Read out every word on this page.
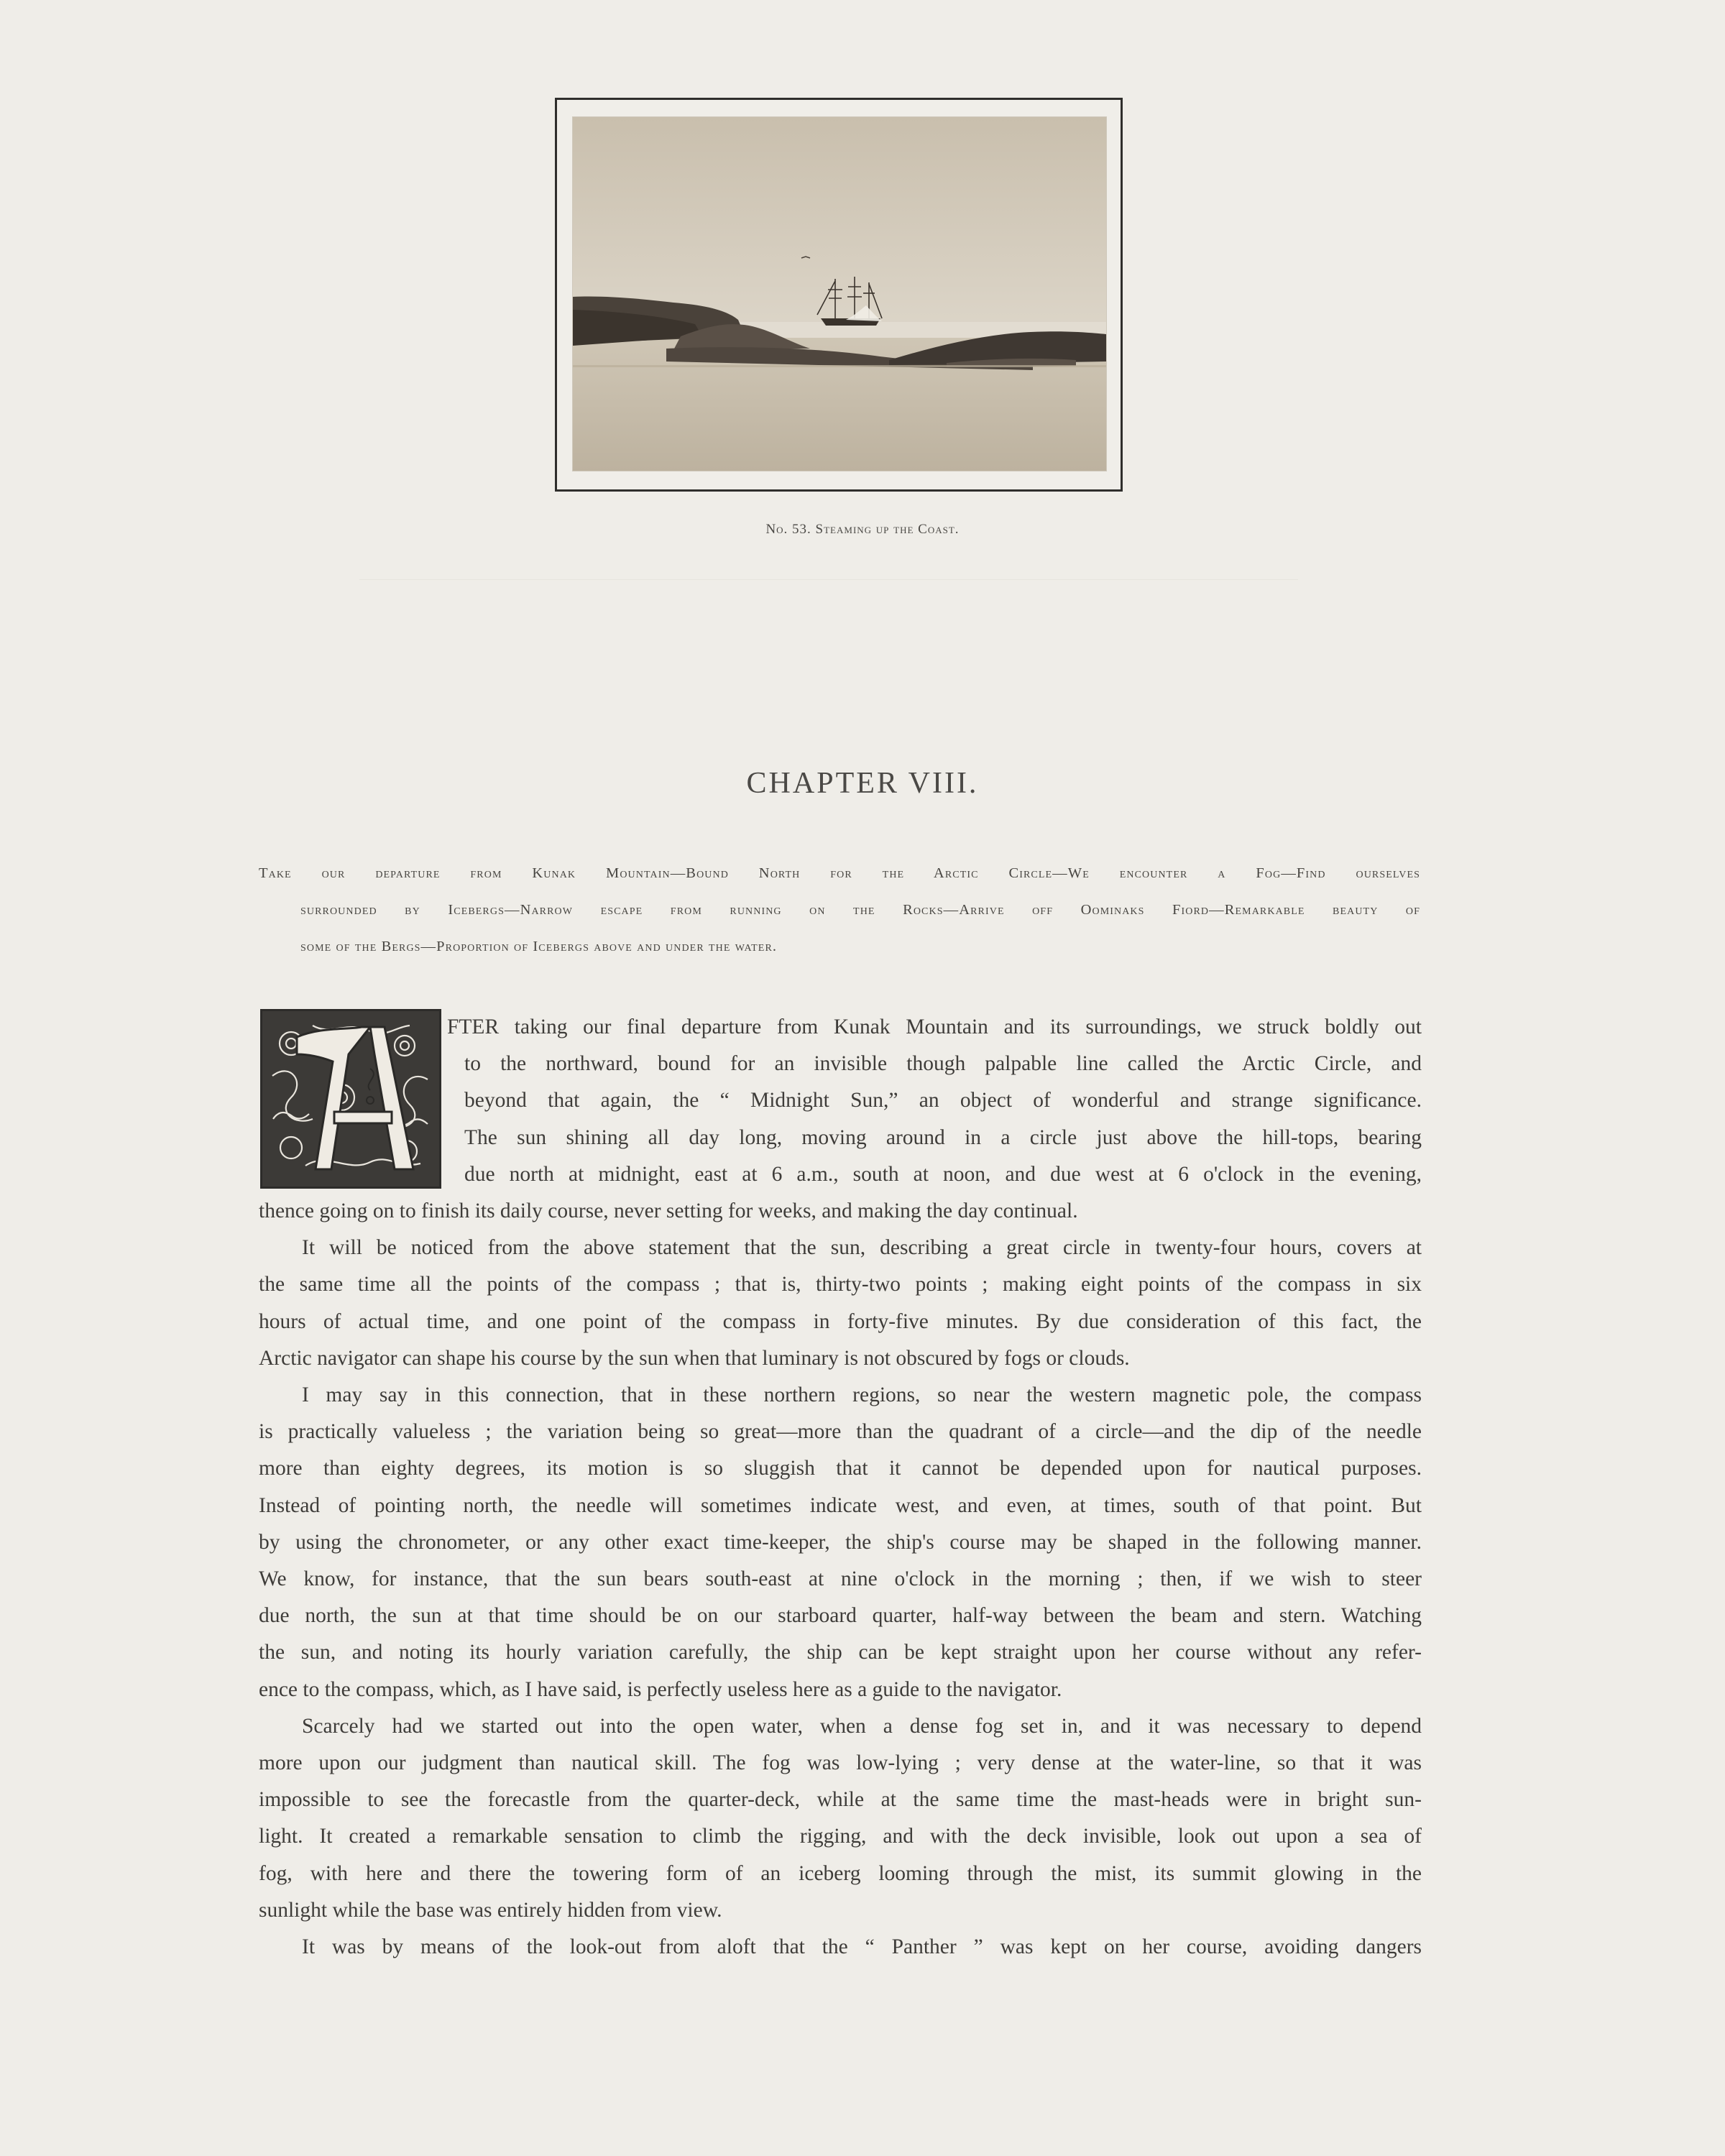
No. 53. Steaming up the Coast.
CHAPTER VIII.
Take our departure from Kunak Mountain—Bound North for the Arctic Circle—We encounter a Fog—Find ourselves
surrounded by Icebergs—Narrow escape from running on the Rocks—Arrive off Oominaks Fiord—Remarkable beauty of
some of the Bergs—Proportion of Icebergs above and under the water.
FTER taking our final departure from Kunak Mountain and its surroundings, we struck boldly out
to the northward, bound for an invisible though palpable line called the Arctic Circle, and
beyond that again, the “ Midnight Sun,” an object of wonderful and strange significance.
The sun shining all day long, moving around in a circle just above the hill-tops, bearing
due north at midnight, east at 6 a.m., south at noon, and due west at 6 o'clock in the evening,
thence going on to finish its daily course, never setting for weeks, and making the day continual.
It will be noticed from the above statement that the sun, describing a great circle in twenty-four hours, covers at
the same time all the points of the compass ; that is, thirty-two points ; making eight points of the compass in six
hours of actual time, and one point of the compass in forty-five minutes. By due consideration of this fact, the
Arctic navigator can shape his course by the sun when that luminary is not obscured by fogs or clouds.
I may say in this connection, that in these northern regions, so near the western magnetic pole, the compass
is practically valueless ; the variation being so great—more than the quadrant of a circle—and the dip of the needle
more than eighty degrees, its motion is so sluggish that it cannot be depended upon for nautical purposes.
Instead of pointing north, the needle will sometimes indicate west, and even, at times, south of that point. But
by using the chronometer, or any other exact time-keeper, the ship's course may be shaped in the following manner.
We know, for instance, that the sun bears south-east at nine o'clock in the morning ; then, if we wish to steer
due north, the sun at that time should be on our starboard quarter, half-way between the beam and stern. Watching
the sun, and noting its hourly variation carefully, the ship can be kept straight upon her course without any refer-
ence to the compass, which, as I have said, is perfectly useless here as a guide to the navigator.
Scarcely had we started out into the open water, when a dense fog set in, and it was necessary to depend
more upon our judgment than nautical skill. The fog was low-lying ; very dense at the water-line, so that it was
impossible to see the forecastle from the quarter-deck, while at the same time the mast-heads were in bright sun-
light. It created a remarkable sensation to climb the rigging, and with the deck invisible, look out upon a sea of
fog, with here and there the towering form of an iceberg looming through the mist, its summit glowing in the
sunlight while the base was entirely hidden from view.
It was by means of the look-out from aloft that the “ Panther ” was kept on her course, avoiding dangers
